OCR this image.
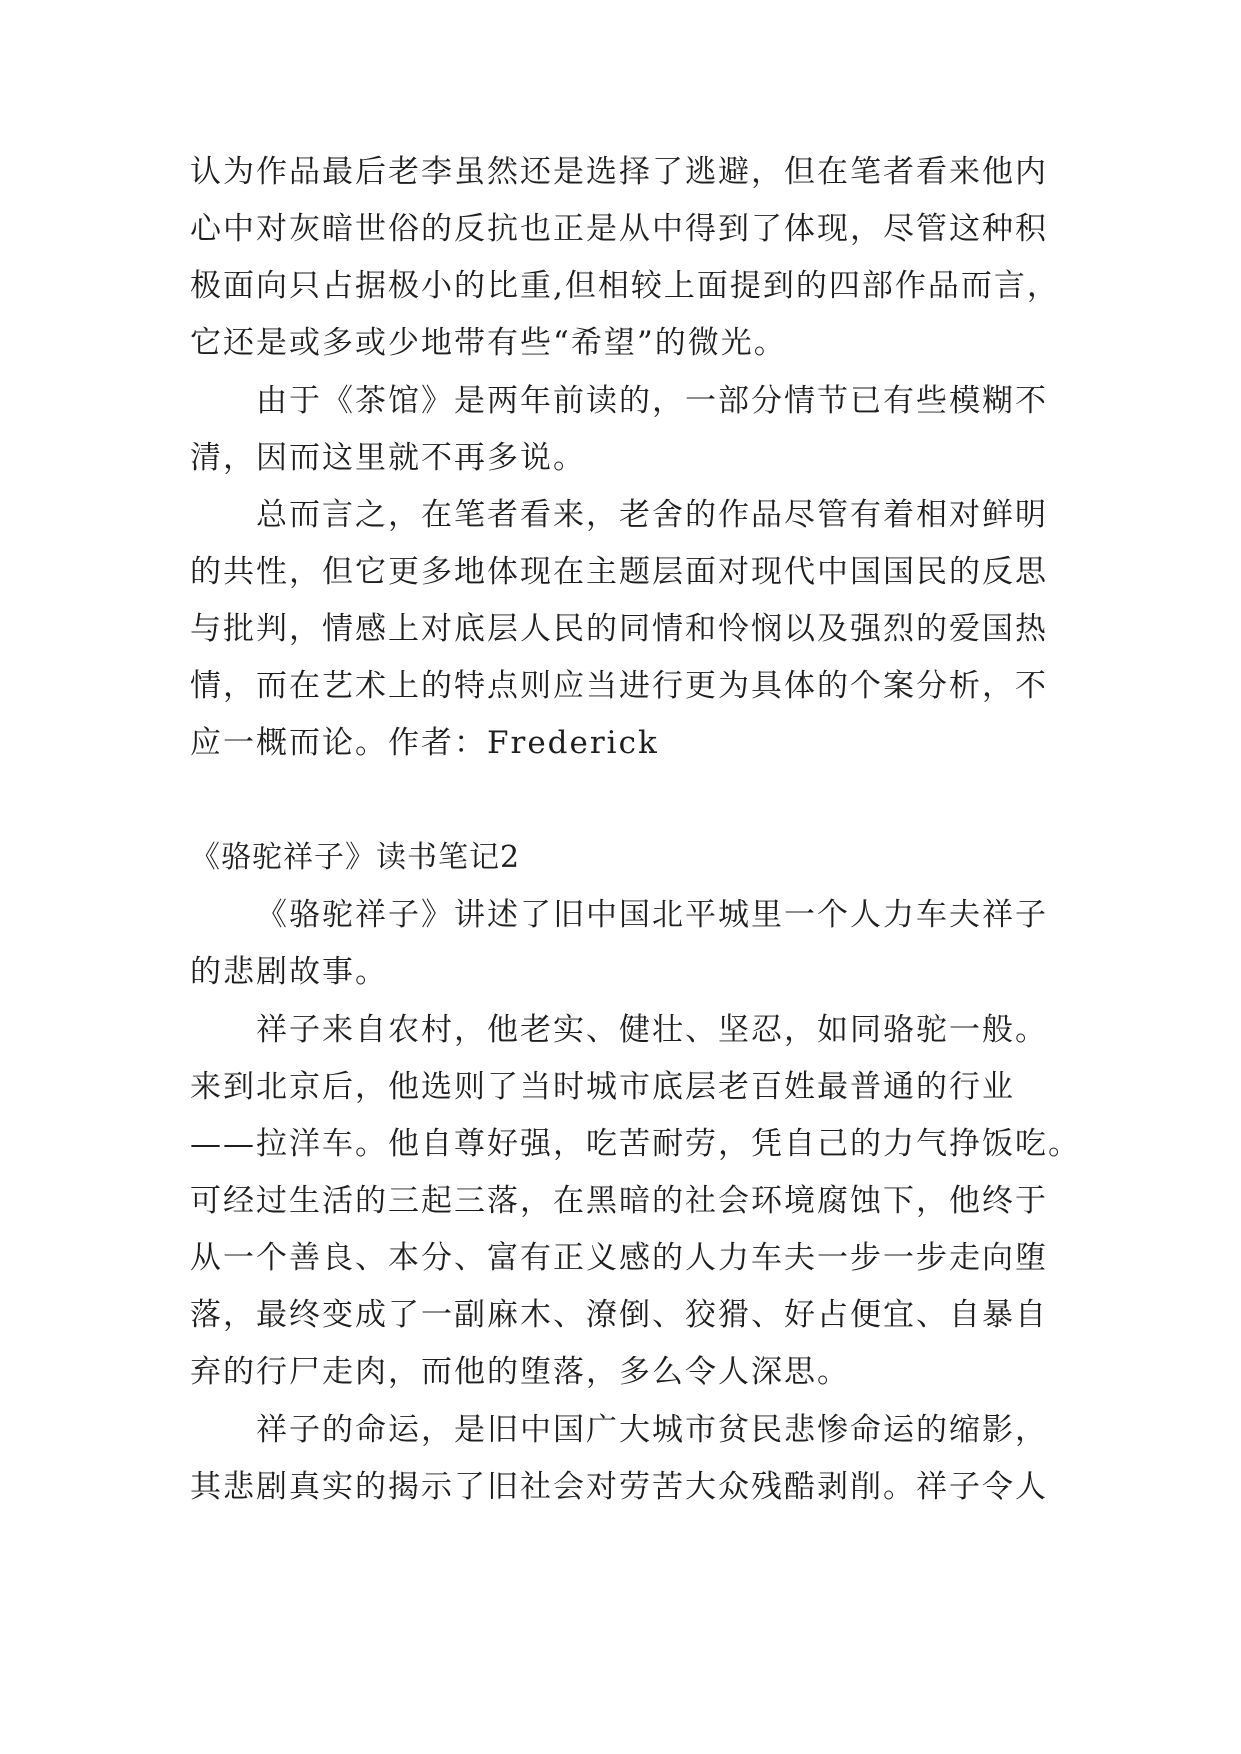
认为作品最后老李虽然还是选择了逃避，但在笔者看来他内
心中对灰暗世俗的反抗也正是从中得到了体现，尽管这种积
极面向只占据极小的比重,但相较上面提到的四部作品而言，
它还是或多或少地带有些“希望”的微光。
由于《茶馆》是两年前读的，一部分情节已有些模糊不
清，因而这里就不再多说。
总而言之，在笔者看来，老舍的作品尽管有着相对鲜明
的共性，但它更多地体现在主题层面对现代中国国民的反思
与批判，情感上对底层人民的同情和怜悯以及强烈的爱国热
情，而在艺术上的特点则应当进行更为具体的个案分析，不
应一概而论。作者：Frederick
《骆驼祥子》读书笔记2
《骆驼祥子》讲述了旧中国北平城里一个人力车夫祥子
的悲剧故事。
祥子来自农村，他老实、健壮、坚忍，如同骆驼一般。
来到北京后，他选则了当时城市底层老百姓最普通的行业
——拉洋车。他自尊好强，吃苦耐劳，凭自己的力气挣饭吃。
可经过生活的三起三落，在黑暗的社会环境腐蚀下，他终于
从一个善良、本分、富有正义感的人力车夫一步一步走向堕
落，最终变成了一副麻木、潦倒、狡猾、好占便宜、自暴自
弃的行尸走肉，而他的堕落，多么令人深思。
祥子的命运，是旧中国广大城市贫民悲惨命运的缩影，
其悲剧真实的揭示了旧社会对劳苦大众残酷剥削。祥子令人
